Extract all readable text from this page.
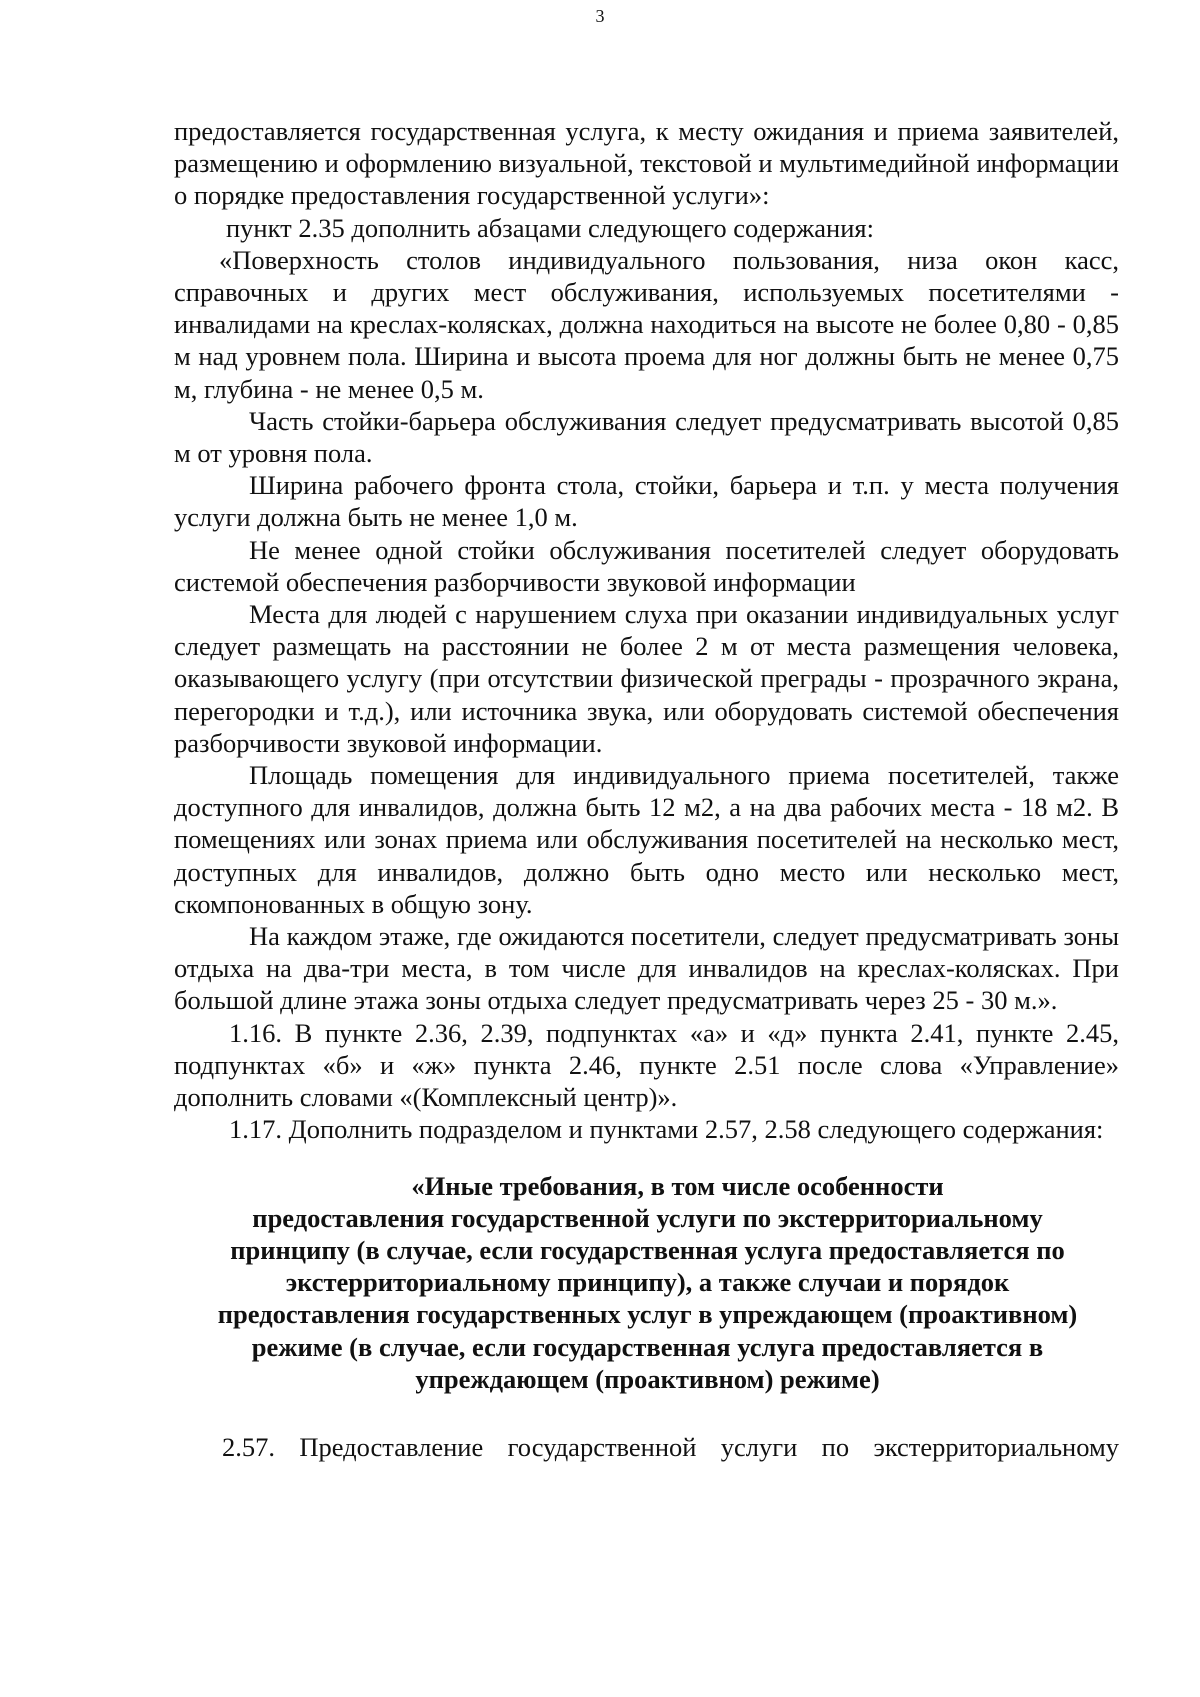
3

предоставляется государственная услуга, к месту ожидания и приема заявителей, размещению и оформлению визуальной, текстовой и мультимедийной информации о порядке предоставления государственной услуги»:

пункт 2.35 дополнить абзацами следующего содержания:

«Поверхность столов индивидуального пользования, низа окон касс, справочных и других мест обслуживания, используемых посетителями - инвалидами на креслах-колясках, должна находиться на высоте не более 0,80 - 0,85 м над уровнем пола. Ширина и высота проема для ног должны быть не менее 0,75 м, глубина - не менее 0,5 м.

Часть стойки-барьера обслуживания следует предусматривать высотой 0,85 м от уровня пола.

Ширина рабочего фронта стола, стойки, барьера и т.п. у места получения услуги должна быть не менее 1,0 м.

Не менее одной стойки обслуживания посетителей следует оборудовать системой обеспечения разборчивости звуковой информации

Места для людей с нарушением слуха при оказании индивидуальных услуг следует размещать на расстоянии не более 2 м от места размещения человека, оказывающего услугу (при отсутствии физической преграды - прозрачного экрана, перегородки и т.д.), или источника звука, или оборудовать системой обеспечения разборчивости звуковой информации.

Площадь помещения для индивидуального приема посетителей, также доступного для инвалидов, должна быть 12 м2, а на два рабочих места - 18 м2. В помещениях или зонах приема или обслуживания посетителей на несколько мест, доступных для инвалидов, должно быть одно место или несколько мест, скомпонованных в общую зону.

На каждом этаже, где ожидаются посетители, следует предусматривать зоны отдыха на два-три места, в том числе для инвалидов на креслах-колясках. При большой длине этажа зоны отдыха следует предусматривать через 25 - 30 м.».

1.16. В пункте 2.36, 2.39, подпунктах «а» и «д» пункта 2.41, пункте 2.45, подпунктах «б» и «ж» пункта 2.46, пункте 2.51 после слова «Управление» дополнить словами «(Комплексный центр)».

1.17. Дополнить подразделом и пунктами 2.57, 2.58 следующего содержания:

«Иные требования, в том числе особенности
предоставления государственной услуги по экстерриториальному
принципу (в случае, если государственная услуга предоставляется по
экстерриториальному принципу), а также случаи и порядок
предоставления государственных услуг в упреждающем (проактивном)
режиме (в случае, если государственная услуга предоставляется в
упреждающем (проактивном) режиме)

2.57. Предоставление государственной услуги по экстерриториальному
